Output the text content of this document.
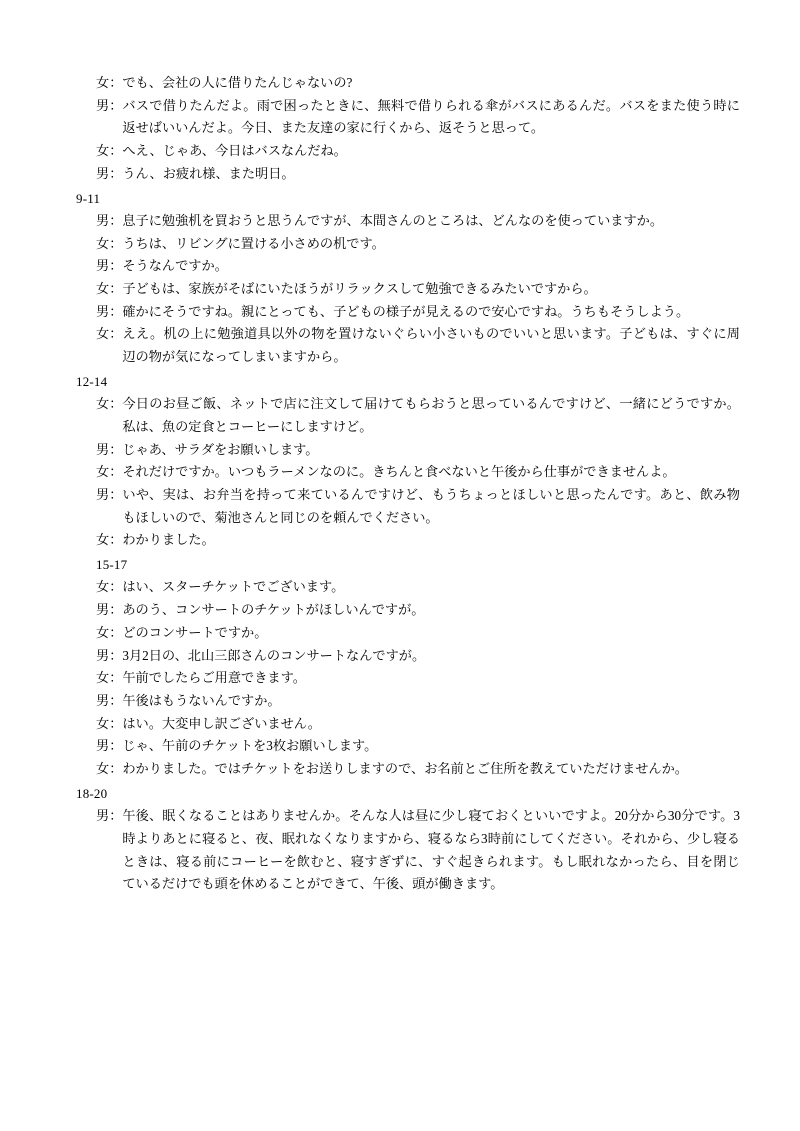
女 ： でも、会社の人に借りたんじゃないの?
男 ： バスで借りたんだよ。雨で困ったときに、無料で借りられる傘がバスにあるんだ。バスをまた使う時に返せばいいんだよ。今日、また友達の家に行くから、返そうと思って。
女 ： へえ、じゃあ、今日はバスなんだね。
男 ： うん、お疲れ様、また明日。
9-11
男 ： 息子に勉強机を買おうと思うんですが、本間さんのところは、どんなのを使っていますか。
女 ： うちは、リビングに置ける小さめの机です。
男 ： そうなんですか。
女 ： 子どもは、家族がそばにいたほうがリラックスして勉強できるみたいですから。
男 ： 確かにそうですね。親にとっても、子どもの様子が見えるので安心ですね。うちもそうしよう。
女 ： ええ。机の上に勉強道具以外の物を置けないぐらい小さいものでいいと思います。子どもは、すぐに周辺の物が気になってしまいますから。
12-14
女 ： 今日のお昼ご飯、ネットで店に注文して届けてもらおうと思っているんですけど、一緒にどうですか。私は、魚の定食とコーヒーにしますけど。
男 ： じゃあ、サラダをお願いします。
女 ： それだけですか。いつもラーメンなのに。きちんと食べないと午後から仕事ができませんよ。
男 ： いや、実は、お弁当を持って来ているんですけど、もうちょっとほしいと思ったんです。あと、飲み物もほしいので、菊池さんと同じのを頼んでください。
女 ： わかりました。
15-17
女 ： はい、スターチケットでございます。
男 ： あのう、コンサートのチケットがほしいんですが。
女 ： どのコンサートですか。
男 ： 3月2日の、北山三郎さんのコンサートなんですが。
女 ： 午前でしたらご用意できます。
男 ： 午後はもうないんですか。
女 ： はい。大変申し訳ございません。
男 ： じゃ、午前のチケットを3枚お願いします。
女 ： わかりました。ではチケットをお送りしますので、お名前とご住所を教えていただけませんか。
18-20
男 ： 午後、眠くなることはありませんか。そんな人は昼に少し寝ておくといいですよ。20分から30分です。3時よりあとに寝ると、夜、眠れなくなりますから、寝るなら3時前にしてください。それから、少し寝るときは、寝る前にコーヒーを飲むと、寝すぎずに、すぐ起きられます。もし眠れなかったら、目を閉じているだけでも頭を休めることができて、午後、頭が働きます。
